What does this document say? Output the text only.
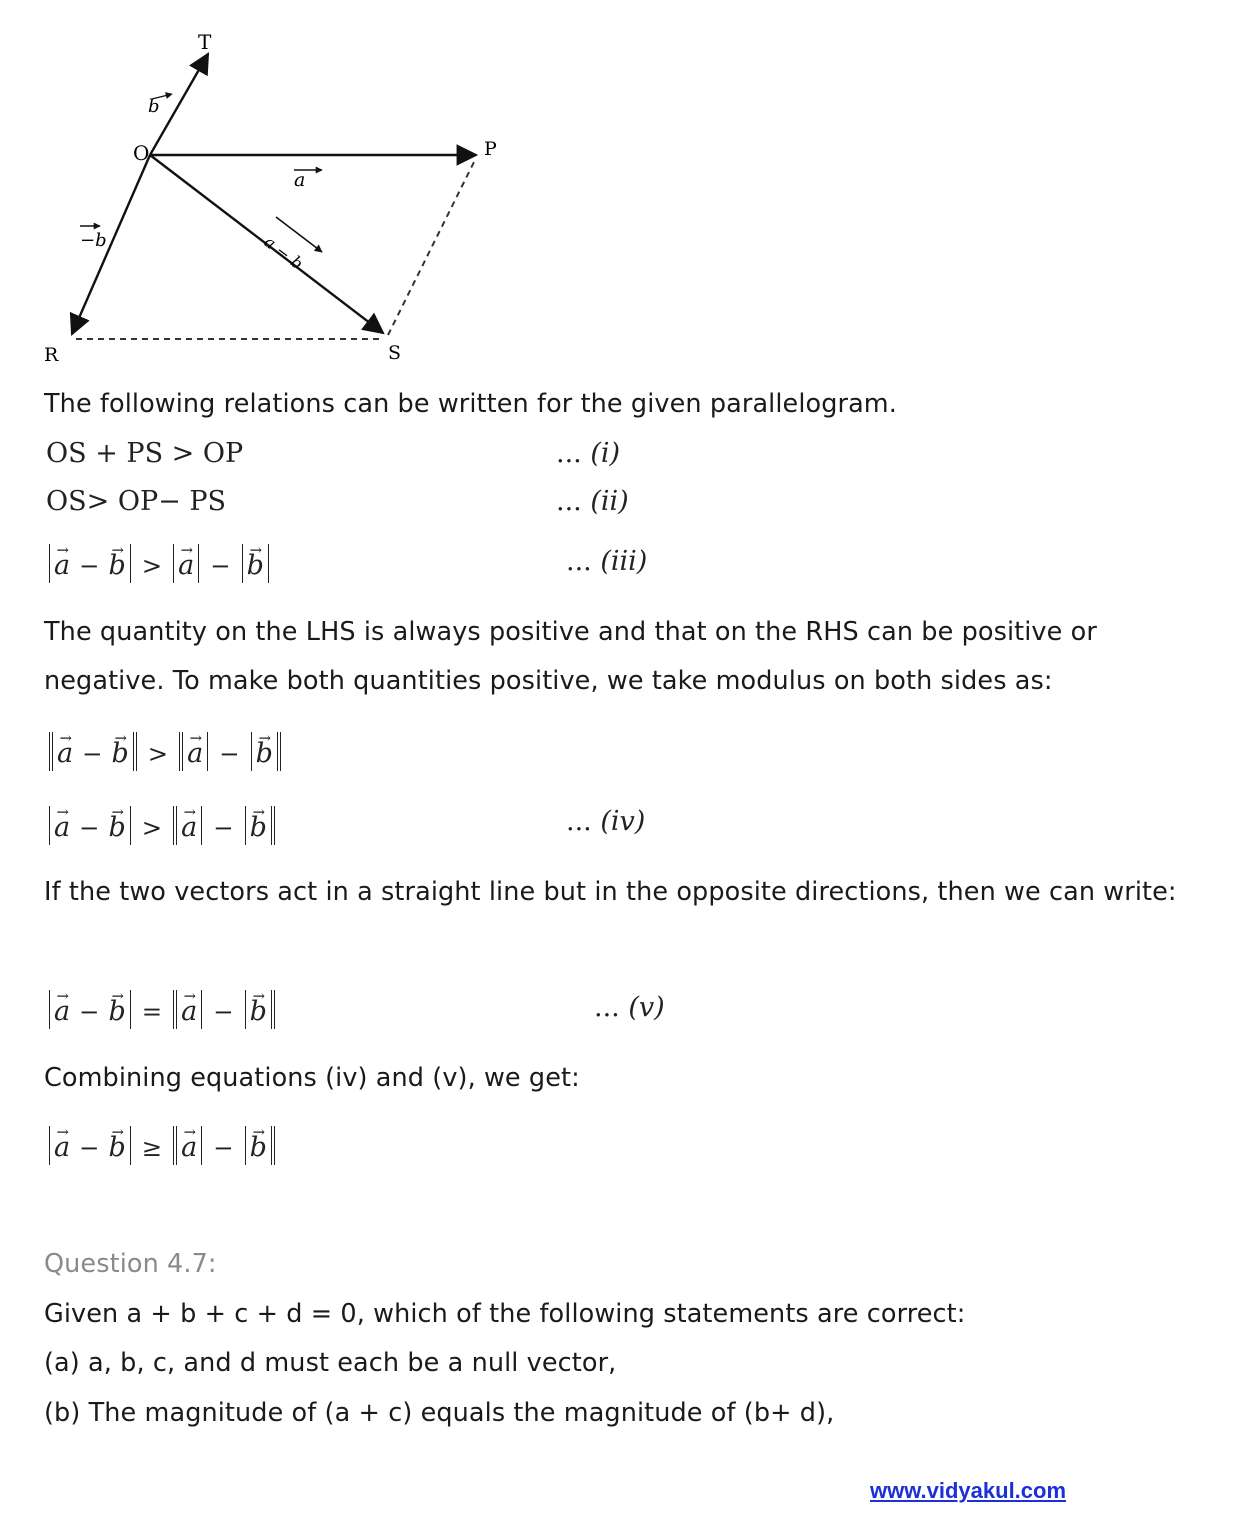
T
O	P
R	S
b
a
−b	a − b

The following relations can be written for the given parallelogram.

OS + PS > OP	... (i)
OS> OP− PS	... (ii)
→ a − → b > → a − → b	... (iii)

The quantity on the LHS is always positive and that on the RHS can be positive or negative. To make both quantities positive, we take modulus on both sides as:

→ a − → b > → a − → b
→ a − → b > → a − → b	... (iv)

If the two vectors act in a straight line but in the opposite directions, then we can write:

→ a − → b = → a − → b	... (v)

Combining equations (iv) and (v), we get:

→ a − → b ≥ → a − → b

Question 4.7:

Given a + b + c + d = 0, which of the following statements are correct:

(a) a, b, c, and d must each be a null vector,

(b) The magnitude of (a + c) equals the magnitude of (b+ d),

www.vidyakul.com
